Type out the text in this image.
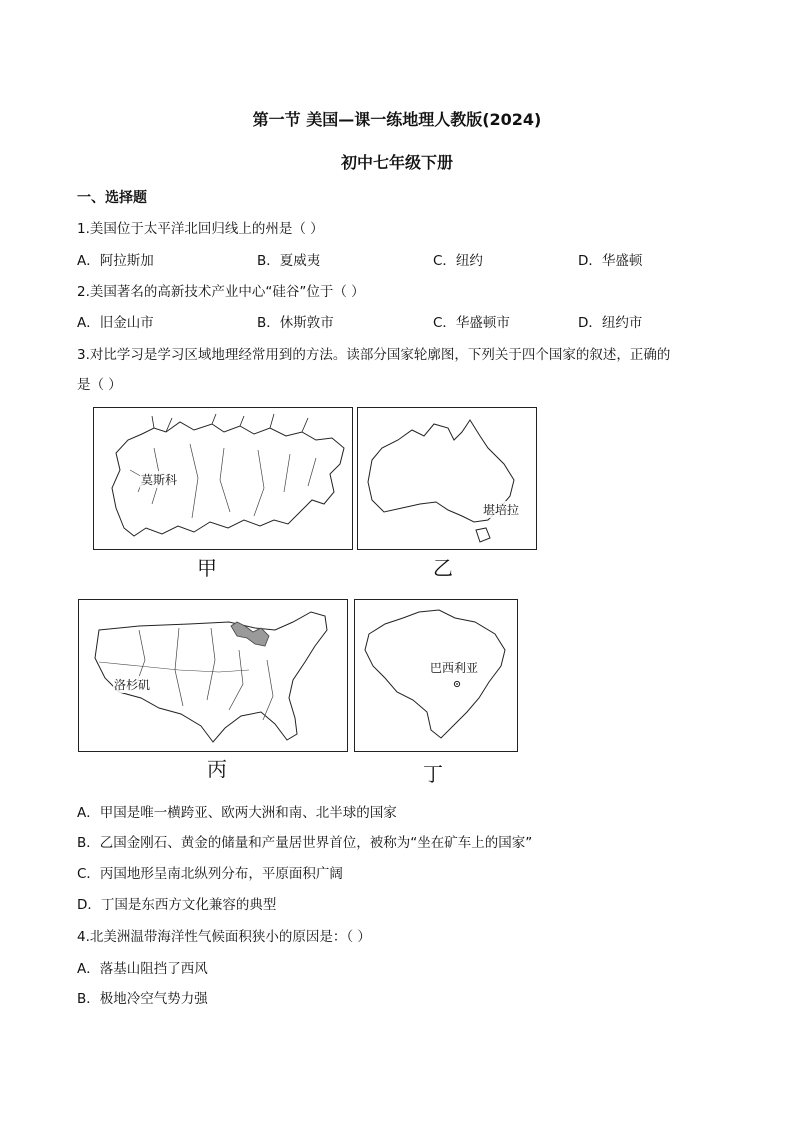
第一节 美国—课一练地理人教版(2024)
初中七年级下册
一、选择题
1.美国位于太平洋北回归线上的州是（ ）
A．阿拉斯加	B．夏威夷	C．纽约	D．华盛顿
2.美国著名的高新技术产业中心“硅谷”位于（ ）
A．旧金山市	B．休斯敦市	C．华盛顿市	D．纽约市
3.对比学习是学习区域地理经常用到的方法。读部分国家轮廓图，下列关于四个国家的叙述，正确的
是（ ）
莫斯科
甲
堪培拉
乙
洛杉矶
丙
巴西利亚
丁
A．甲国是唯一横跨亚、欧两大洲和南、北半球的国家
B．乙国金刚石、黄金的储量和产量居世界首位，被称为“坐在矿车上的国家”
C．丙国地形呈南北纵列分布，平原面积广阔
D．丁国是东西方文化兼容的典型
4.北美洲温带海洋性气候面积狭小的原因是：（ ）
A．落基山阻挡了西风
B．极地冷空气势力强
